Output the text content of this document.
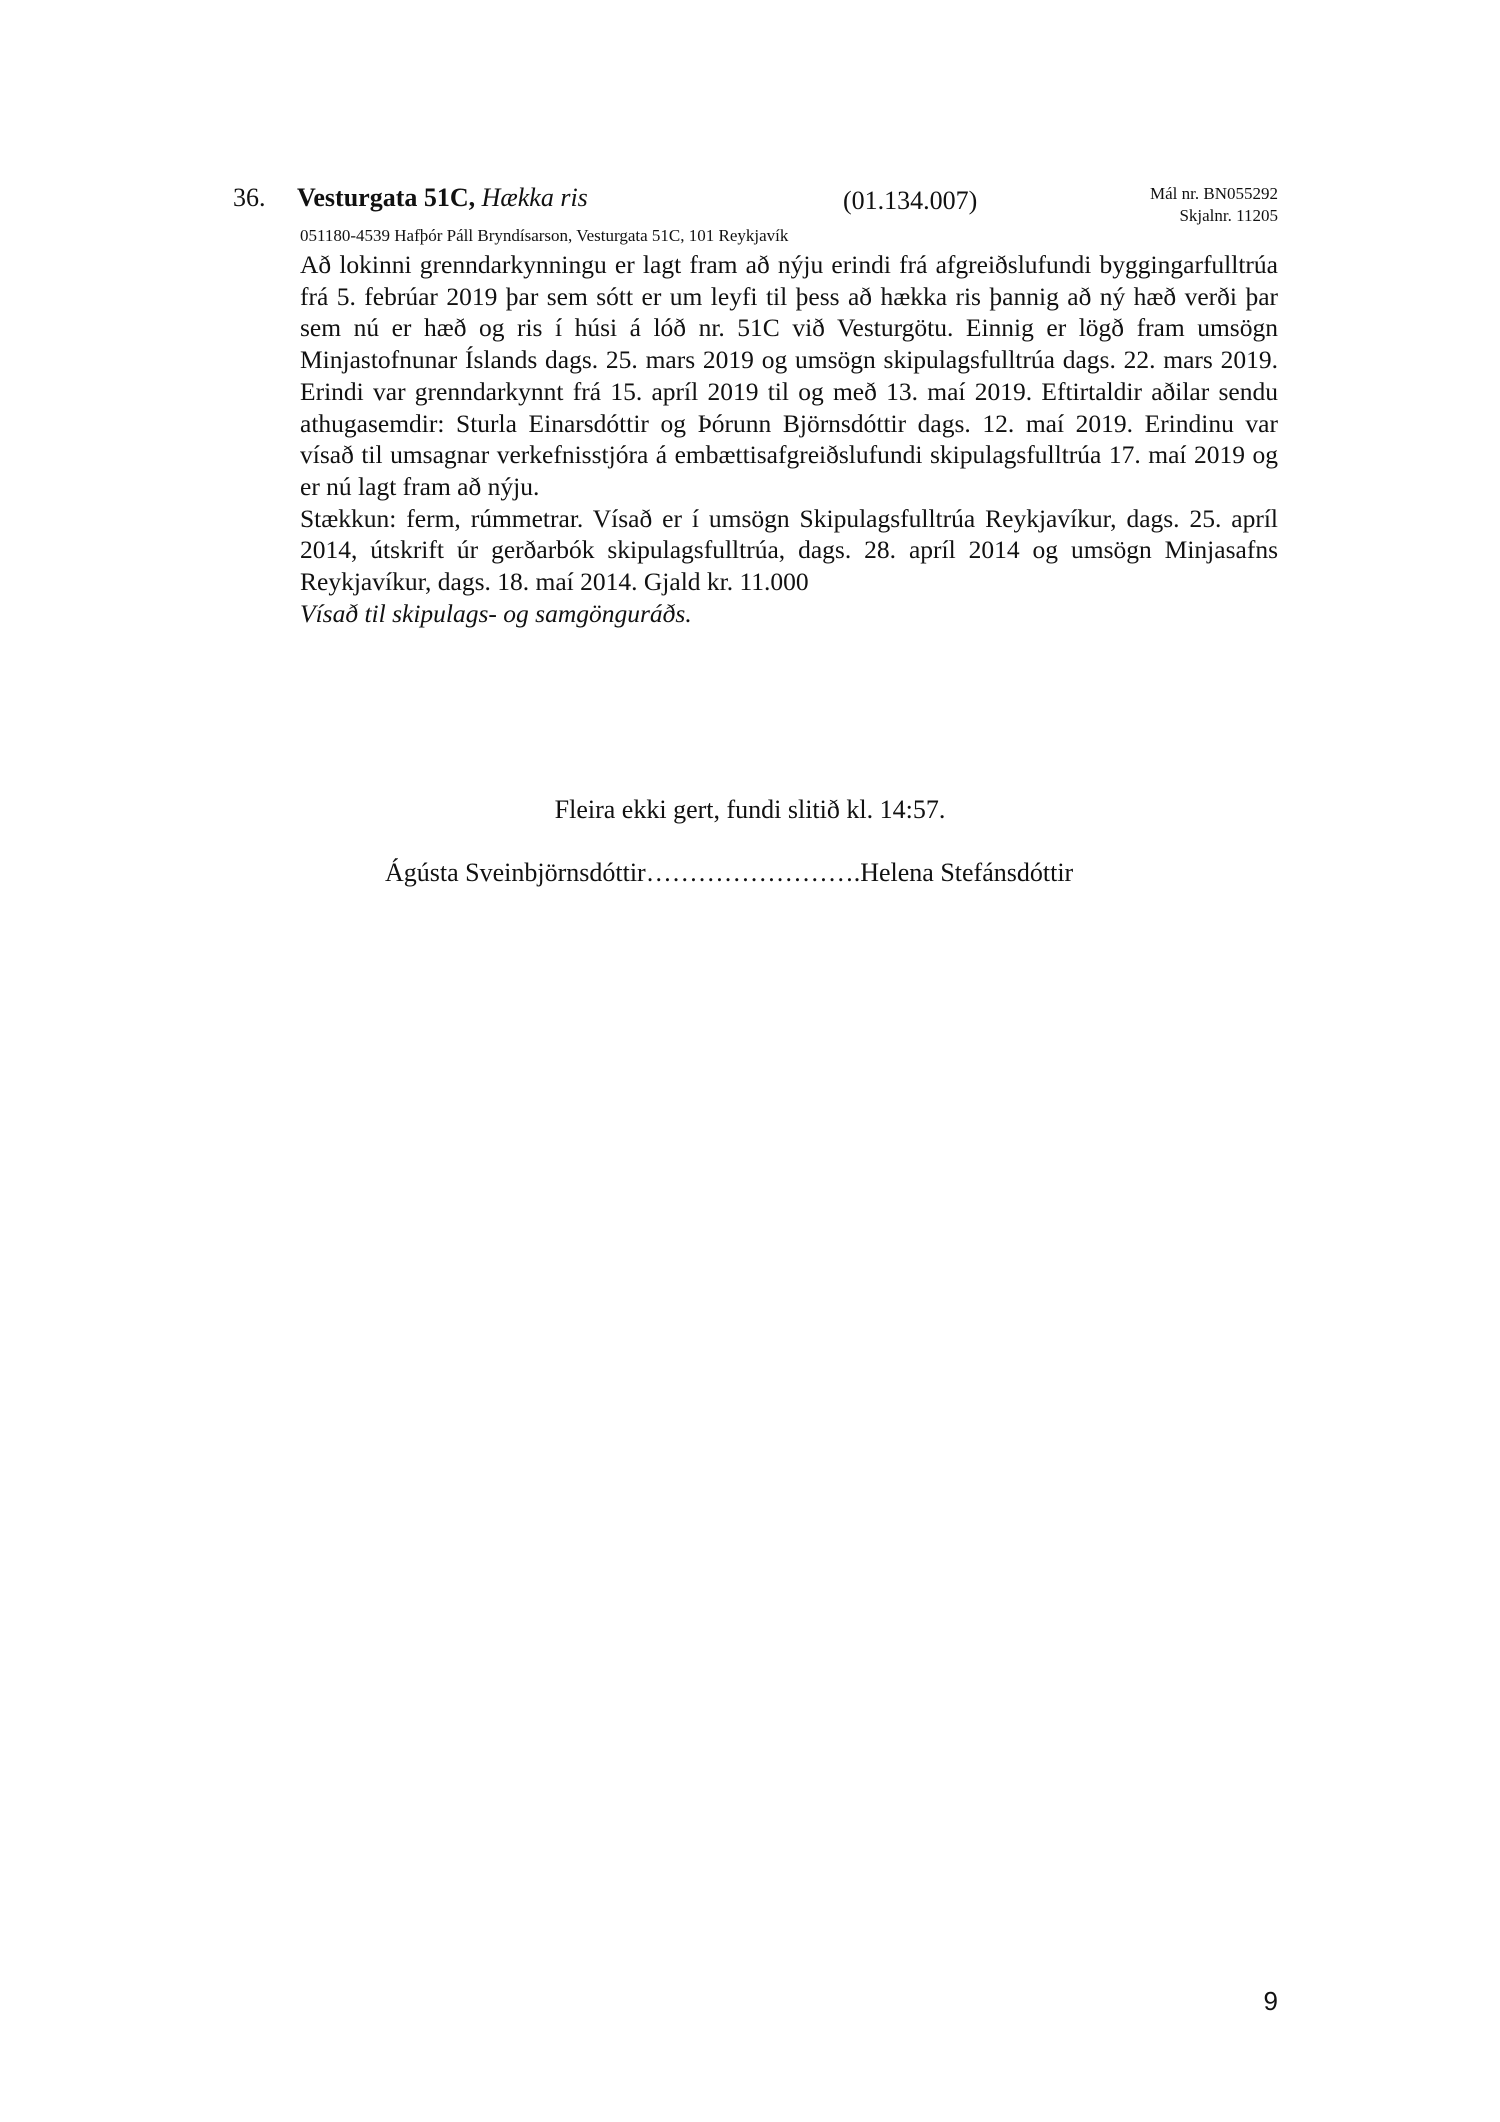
36. Vesturgata 51C, Hækka ris	(01.134.007)	Mál nr. BN055292
Skjalnr. 11205
051180-4539 Hafþór Páll Bryndísarson, Vesturgata 51C, 101 Reykjavík

Að lokinni grenndarkynningu er lagt fram að nýju erindi frá afgreiðslufundi byggingarfulltrúa frá 5. febrúar 2019 þar sem sótt er um leyfi til þess að hækka ris þannig að ný hæð verði þar sem nú er hæð og ris í húsi á lóð nr. 51C við Vesturgötu. Einnig er lögð fram umsögn Minjastofnunar Íslands dags. 25. mars 2019 og umsögn skipulagsfulltrúa dags. 22. mars 2019. Erindi var grenndarkynnt frá 15. apríl 2019 til og með 13. maí 2019. Eftirtaldir aðilar sendu athugasemdir: Sturla Einarsdóttir og Þórunn Björnsdóttir dags. 12. maí 2019. Erindinu var vísað til umsagnar verkefnisstjóra á embættisafgreiðslufundi skipulagsfulltrúa 17. maí 2019 og er nú lagt fram að nýju.

Stækkun: ferm, rúmmetrar. Vísað er í umsögn Skipulagsfulltrúa Reykjavíkur, dags. 25. apríl 2014, útskrift úr gerðarbók skipulagsfulltrúa, dags. 28. apríl 2014 og umsögn Minjasafns Reykjavíkur, dags. 18. maí 2014. Gjald kr. 11.000

Vísað til skipulags- og samgönguráðs.

Fleira ekki gert, fundi slitið kl. 14:57.
Ágústa Sveinbjörnsdóttir…………………….Helena Stefánsdóttir
9
